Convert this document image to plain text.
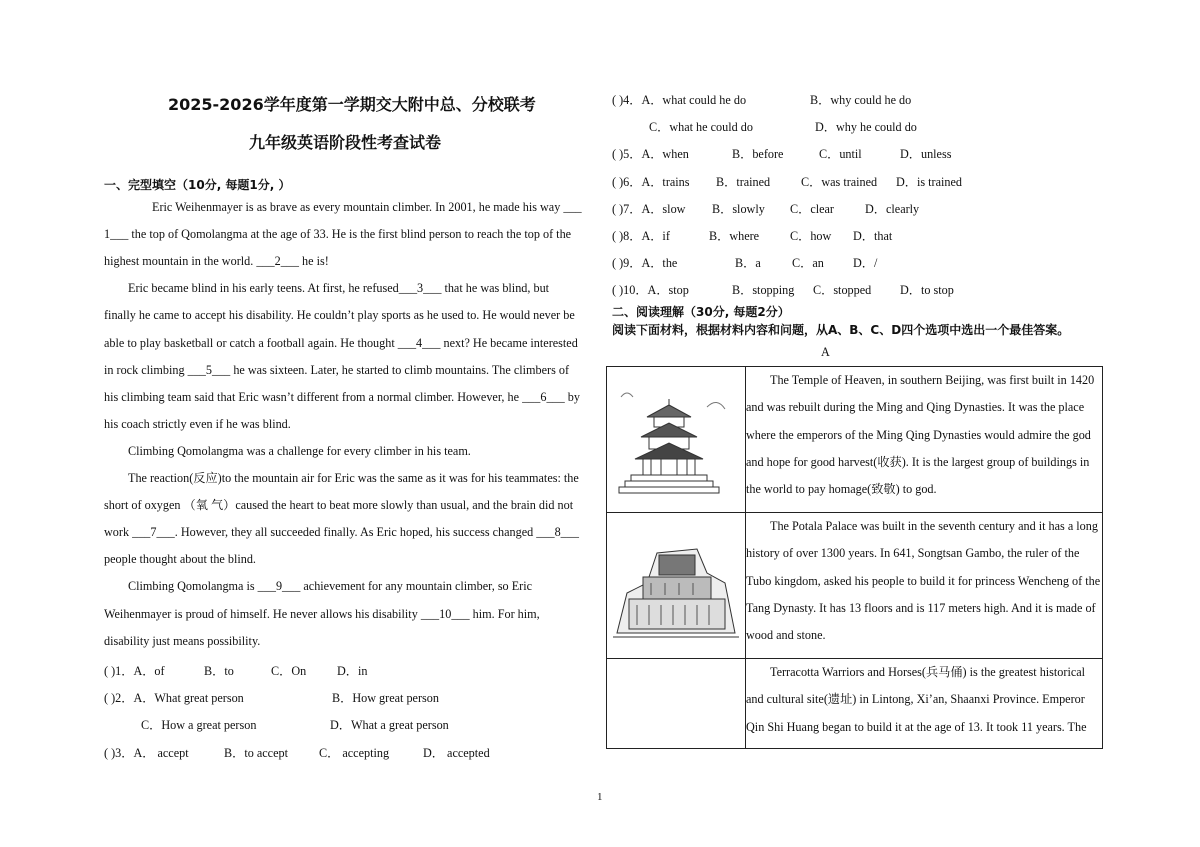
2025-2026学年度第一学期交大附中总、分校联考
九年级英语阶段性考查试卷
一、完型填空（10分, 每题1分, ）
Eric Weihenmayer is as brave as every mountain climber. In 2001, he made his way ___
1___ the top of Qomolangma at the age of 33. He is the first blind person to reach the top of the
highest mountain in the world. ___2___ he is!
Eric became blind in his early teens. At first, he refused___3___ that he was blind, but
finally he came to accept his disability. He couldn’t play sports as he used to. He would never be
able to play basketball or catch a football again. He thought ___4___ next? He became interested
in rock climbing ___5___ he was sixteen. Later, he started to climb mountains. The climbers of
his climbing team said that Eric wasn’t different from a normal climber. However, he ___6___ by
his coach strictly even if he was blind.
Climbing Qomolangma was a challenge for every climber in his team.
The reaction(反应)to the mountain air for Eric was the same as it was for his teammates: the
short of oxygen （氧 气）caused the heart to beat more slowly than usual, and the brain did not
work ___7___. However, they all succeeded finally. As Eric hoped, his success changed ___8___
people thought about the blind.
Climbing Qomolangma is ___9___ achievement for any mountain climber, so Eric
Weihenmayer is proud of himself. He never allows his disability ___10___ him. For him,
disability just means possibility.
( )1．A．of	B．to	C．On	D．in
( )2．A．What great person	B．How great person
C．How a great person	D．What a great person
( )3．A． accept	B．to accept	C． accepting	D． accepted
( )4．A．what could he do	B．why could he do
C．what he could do	D．why he could do
( )5．A．when	B．before	C．until	D．unless
( )6．A．trains B．trained	C．was trained D．is trained
( )7．A．slow B．slowly C．clear	D．clearly
( )8．A．if	B．where	C．how D．that
( )9．A．the	B．a	C．an D．/
( )10．A．stop	B．stopping C．stopped D．to stop
二、阅读理解（30分, 每题2分）
阅读下面材料，根据材料内容和问题，从A、B、C、D四个选项中选出一个最佳答案。
A

The Temple of Heaven, in southern Beijing, was first built in 1420 and was rebuilt during the Ming and Qing Dynasties. It was the place where the emperors of the Ming Qing Dynasties would admire the god and hope for good harvest(收获). It is the largest group of buildings in the world to pay homage(致敬) to god.

The Potala Palace was built in the seventh century and it has a long history of over 1300 years. In 641, Songtsan Gambo, the ruler of the Tubo kingdom, asked his people to build it for princess Wencheng of the Tang Dynasty. It has 13 floors and is 117 meters high. And it is made of wood and stone.

	Terracotta Warriors and Horses(兵马俑) is the greatest historical and cultural site(遗址) in Lintong, Xi’an, Shaanxi Province. Emperor Qin Shi Huang began to build it at the age of 13. It took 11 years. The

1
